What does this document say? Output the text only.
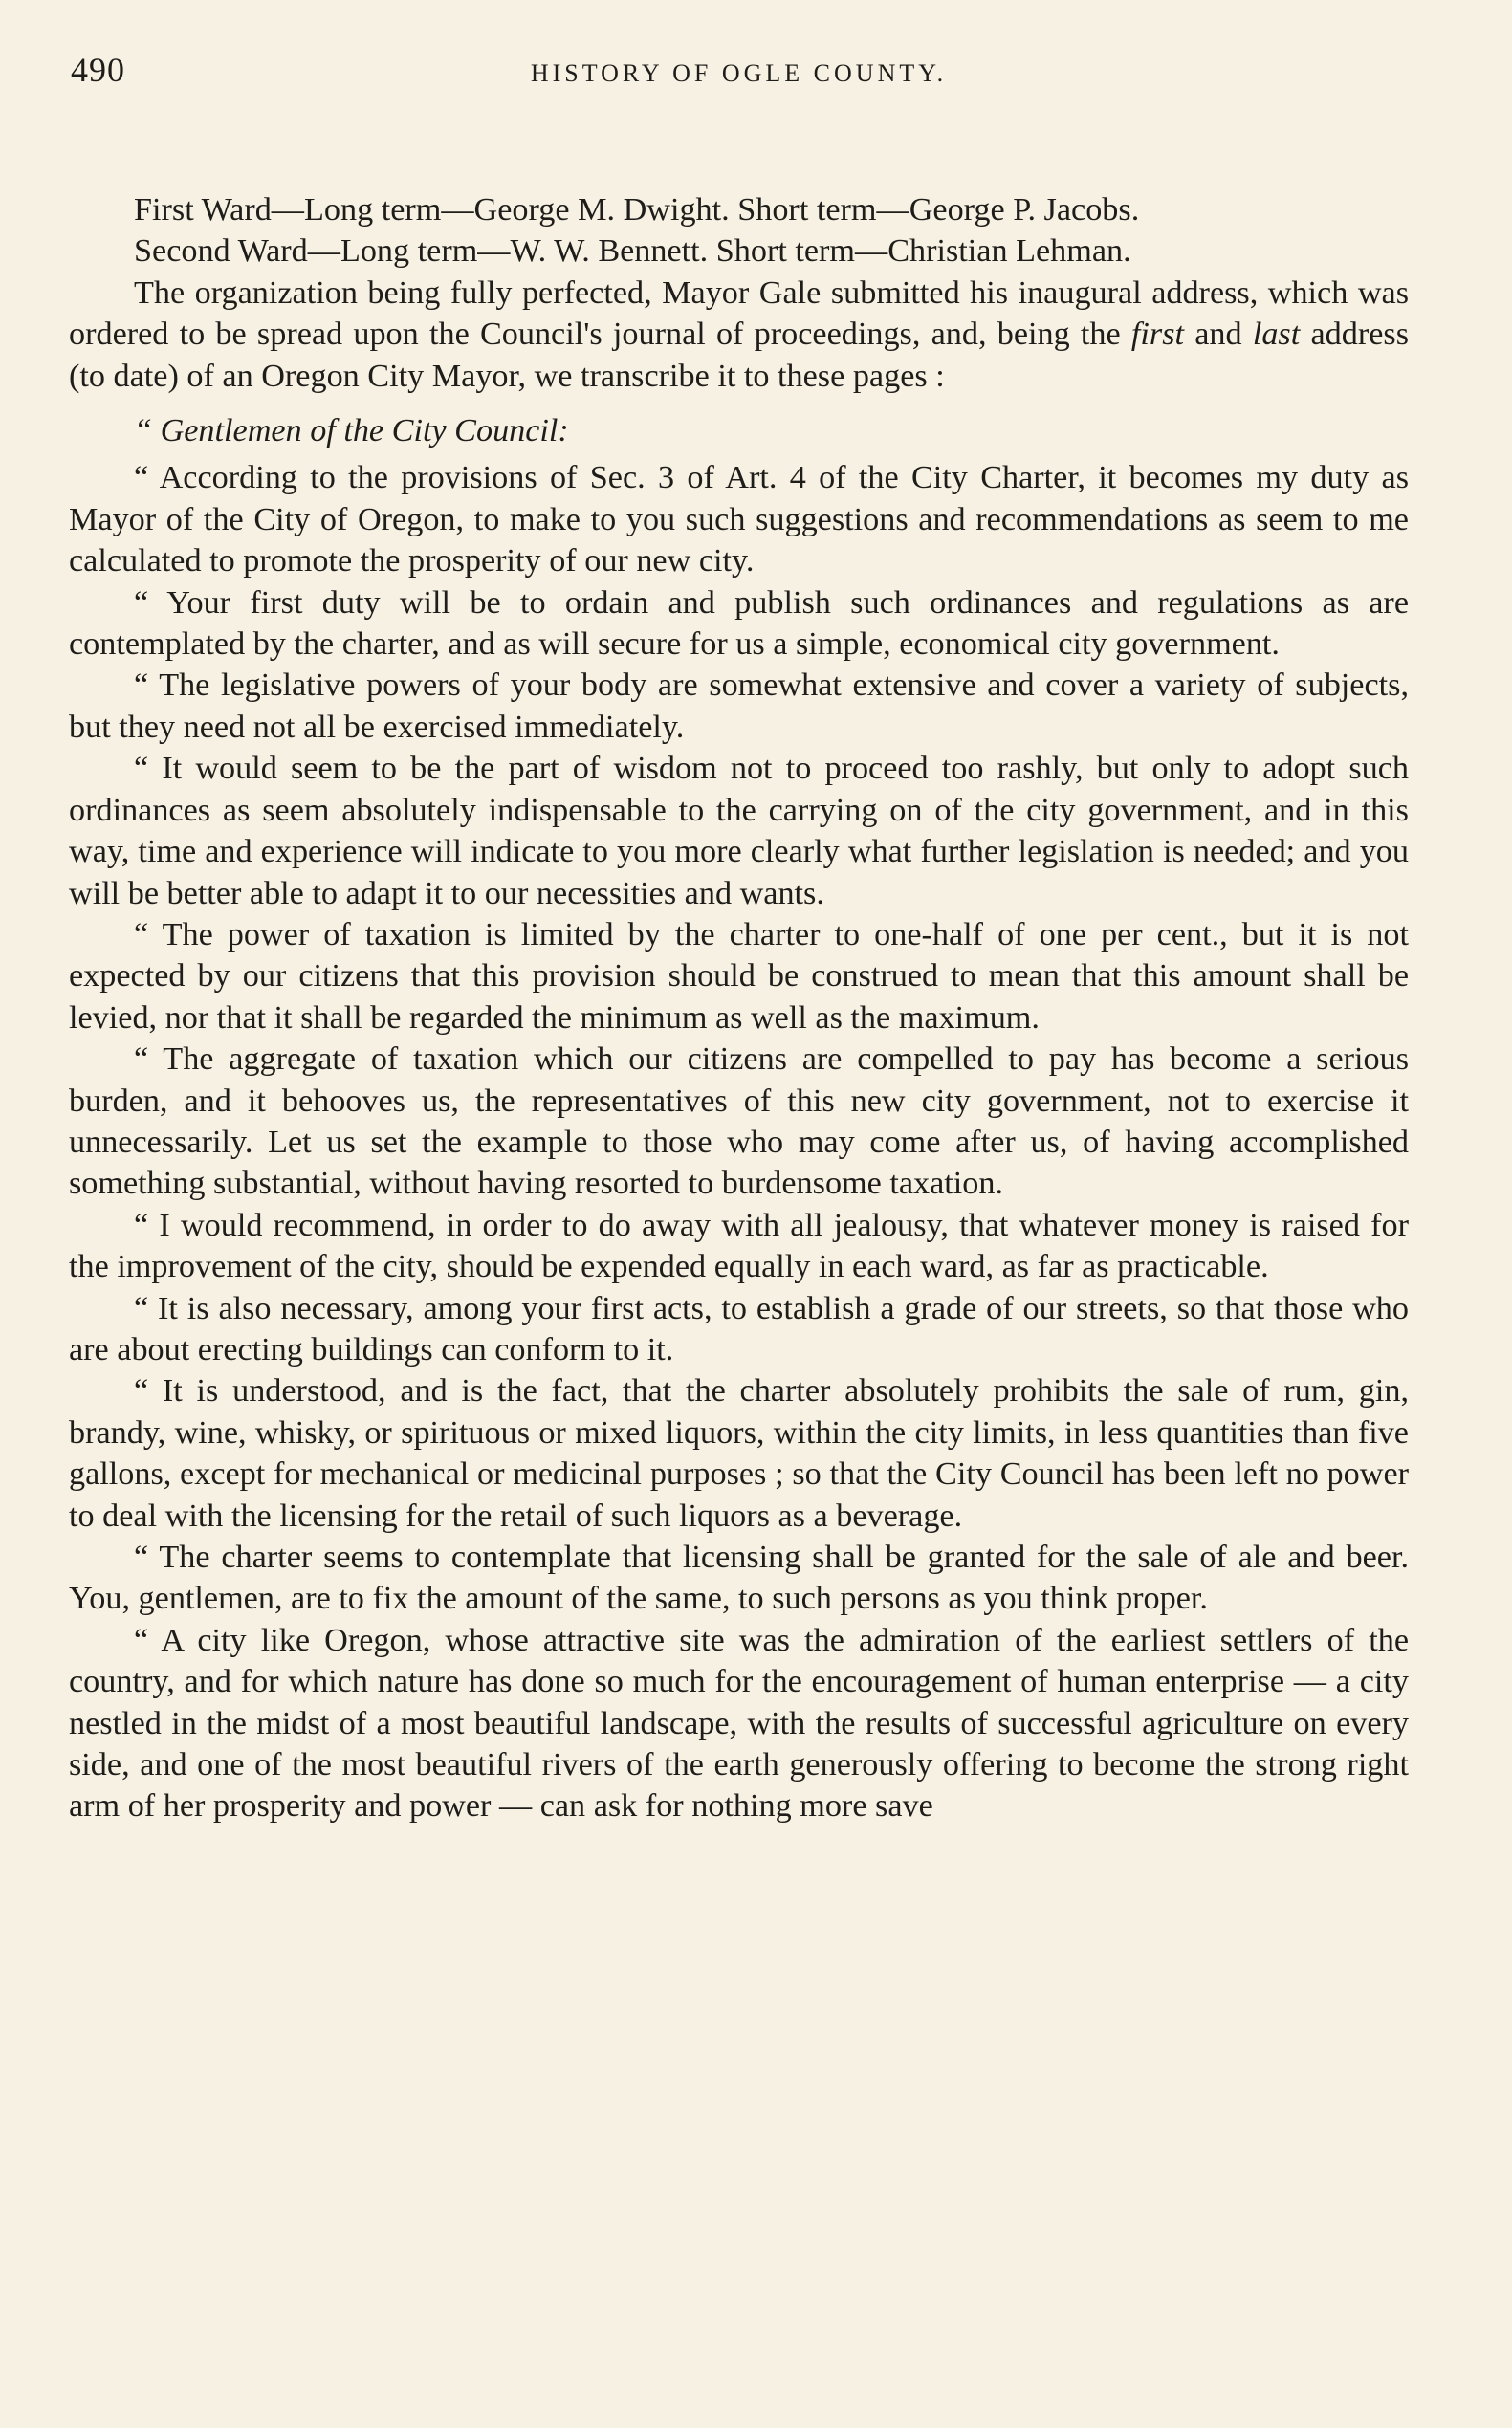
490	HISTORY OF OGLE COUNTY.

First Ward—Long term—George M. Dwight. Short term—George P. Jacobs.

Second Ward—Long term—W. W. Bennett. Short term—Christian Lehman.

The organization being fully perfected, Mayor Gale submitted his inaugural address, which was ordered to be spread upon the Council's journal of proceedings, and, being the first and last address (to date) of an Oregon City Mayor, we transcribe it to these pages :

“ Gentlemen of the City Council:

“ According to the provisions of Sec. 3 of Art. 4 of the City Charter, it becomes my duty as Mayor of the City of Oregon, to make to you such suggestions and recommendations as seem to me calculated to promote the prosperity of our new city.

“ Your first duty will be to ordain and publish such ordinances and regulations as are contemplated by the charter, and as will secure for us a simple, economical city government.

“ The legislative powers of your body are somewhat extensive and cover a variety of subjects, but they need not all be exercised immediately.

“ It would seem to be the part of wisdom not to proceed too rashly, but only to adopt such ordinances as seem absolutely indispensable to the carrying on of the city government, and in this way, time and experience will indicate to you more clearly what further legislation is needed; and you will be better able to adapt it to our necessities and wants.

“ The power of taxation is limited by the charter to one-half of one per cent., but it is not expected by our citizens that this provision should be construed to mean that this amount shall be levied, nor that it shall be regarded the minimum as well as the maximum.

“ The aggregate of taxation which our citizens are compelled to pay has become a serious burden, and it behooves us, the representatives of this new city government, not to exercise it unnecessarily. Let us set the example to those who may come after us, of having accomplished something substantial, without having resorted to burdensome taxation.

“ I would recommend, in order to do away with all jealousy, that whatever money is raised for the improvement of the city, should be expended equally in each ward, as far as practicable.

“ It is also necessary, among your first acts, to establish a grade of our streets, so that those who are about erecting buildings can conform to it.

“ It is understood, and is the fact, that the charter absolutely prohibits the sale of rum, gin, brandy, wine, whisky, or spirituous or mixed liquors, within the city limits, in less quantities than five gallons, except for mechanical or medicinal purposes ; so that the City Council has been left no power to deal with the licensing for the retail of such liquors as a beverage.

“ The charter seems to contemplate that licensing shall be granted for the sale of ale and beer. You, gentlemen, are to fix the amount of the same, to such persons as you think proper.

“ A city like Oregon, whose attractive site was the admiration of the earliest settlers of the country, and for which nature has done so much for the encouragement of human enterprise — a city nestled in the midst of a most beautiful landscape, with the results of successful agriculture on every side, and one of the most beautiful rivers of the earth generously offering to become the strong right arm of her prosperity and power — can ask for nothing more save
